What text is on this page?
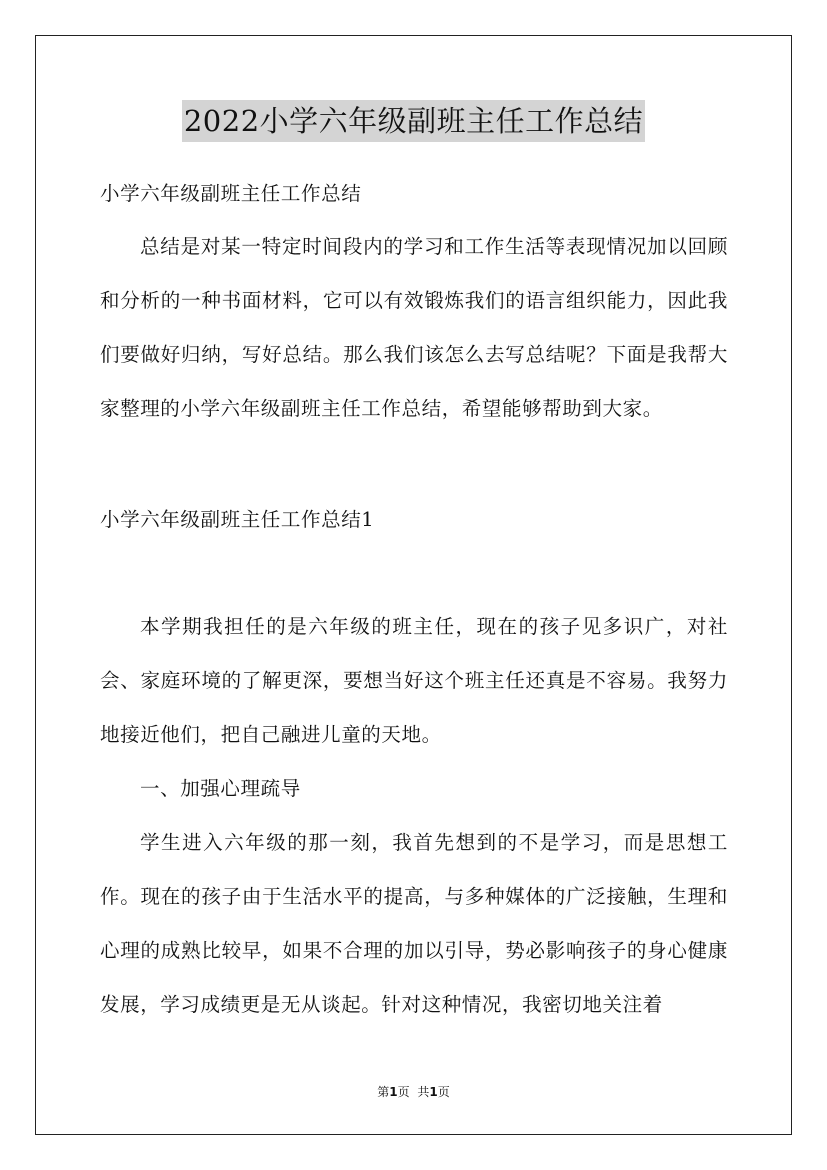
2022小学六年级副班主任工作总结
小学六年级副班主任工作总结
总结是对某一特定时间段内的学习和工作生活等表现情况加以回顾和分析的一种书面材料，它可以有效锻炼我们的语言组织能力，因此我们要做好归纳，写好总结。那么我们该怎么去写总结呢？下面是我帮大家整理的小学六年级副班主任工作总结，希望能够帮助到大家。
小学六年级副班主任工作总结1
本学期我担任的是六年级的班主任，现在的孩子见多识广，对社会、家庭环境的了解更深，要想当好这个班主任还真是不容易。我努力地接近他们，把自己融进儿童的天地。
一、加强心理疏导
学生进入六年级的那一刻，我首先想到的不是学习，而是思想工作。现在的孩子由于生活水平的提高，与多种媒体的广泛接触，生理和心理的成熟比较早，如果不合理的加以引导，势必影响孩子的身心健康发展，学习成绩更是无从谈起。针对这种情况，我密切地关注着
第1页 共1页
